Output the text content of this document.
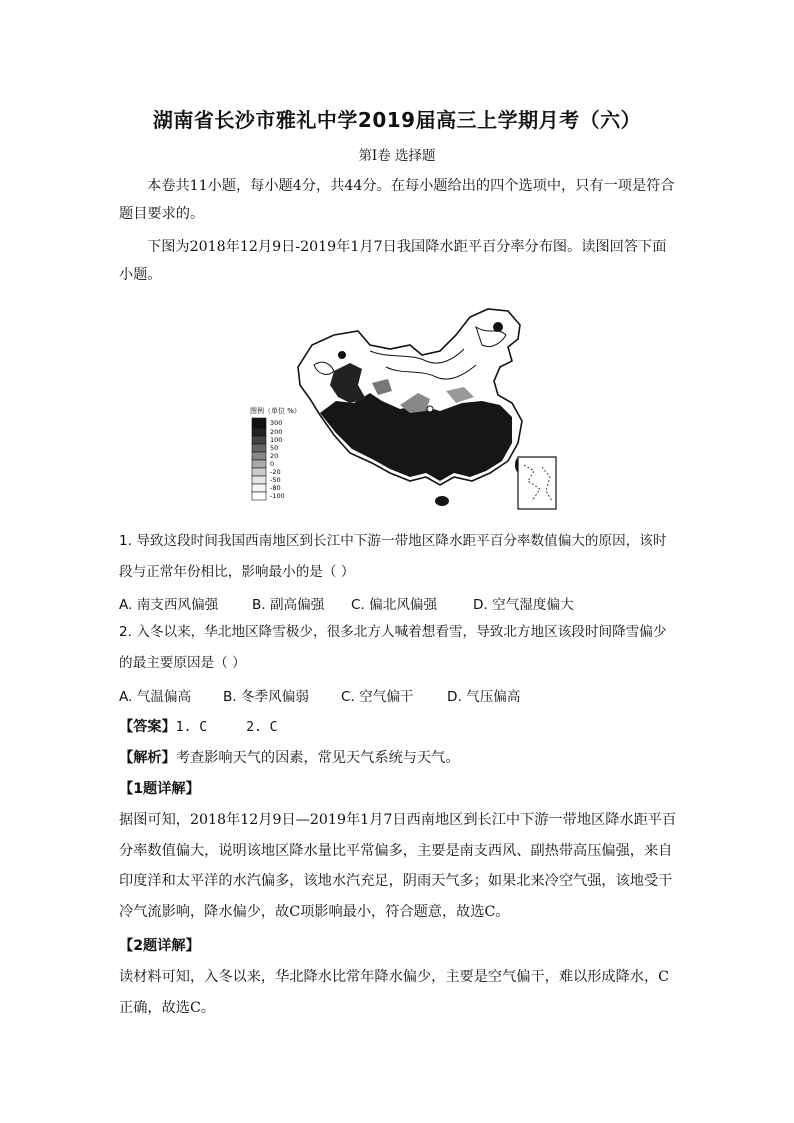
湖南省长沙市雅礼中学2019届高三上学期月考（六）
第Ⅰ卷 选择题
本卷共11小题，每小题4分，共44分。在每小题给出的四个选项中，只有一项是符合题目要求的。
下图为2018年12月9日-2019年1月7日我国降水距平百分率分布图。读图回答下面小题。
图例（单位 %）
300
200
100
50
20
0
-20
-50
-80
-100
1. 导致这段时间我国西南地区到长江中下游一带地区降水距平百分率数值偏大的原因，该时段与正常年份相比，影响最小的是（ ）
A. 南支西风偏强 B. 副高偏强 C. 偏北风偏强	D. 空气湿度偏大
2. 入冬以来，华北地区降雪极少，很多北方人喊着想看雪，导致北方地区该段时间降雪偏少的最主要原因是（ ）
A. 气温偏高 B. 冬季风偏弱 C. 空气偏干 D. 气压偏高
【答案】1. C     2. C
【解析】考查影响天气的因素，常见天气系统与天气。
【1题详解】
据图可知，2018年12月9日—2019年1月7日西南地区到长江中下游一带地区降水距平百分率数值偏大，说明该地区降水量比平常偏多，主要是南支西风、副热带高压偏强，来自印度洋和太平洋的水汽偏多，该地水汽充足，阴雨天气多；如果北来冷空气强，该地受干冷气流影响，降水偏少，故C项影响最小，符合题意，故选C。
【2题详解】
读材料可知，入冬以来，华北降水比常年降水偏少，主要是空气偏干，难以形成降水，C正确，故选C。
